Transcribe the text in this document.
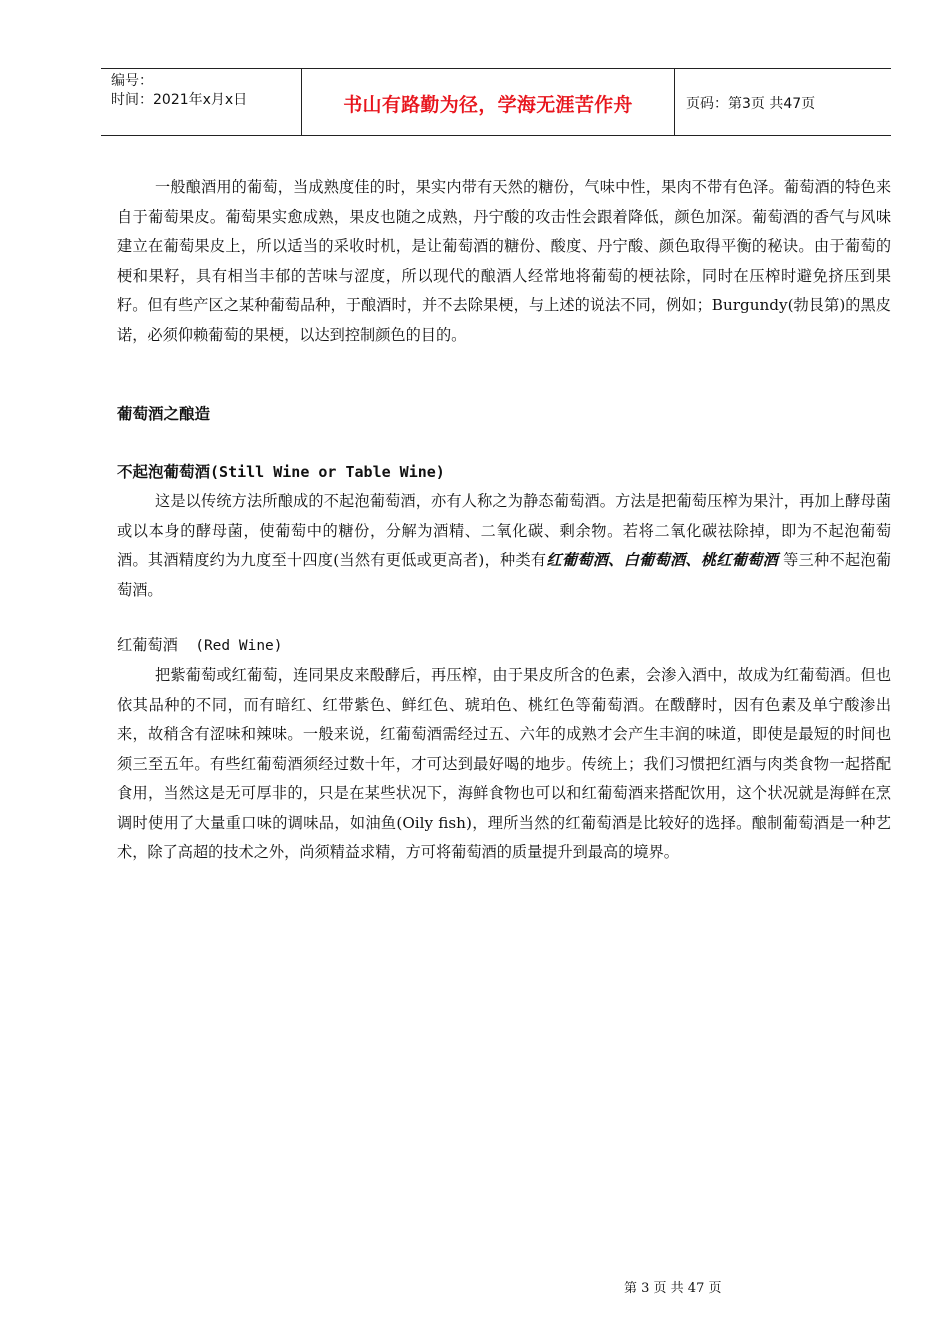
编号：
时间：2021年x月x日	书山有路勤为径，学海无涯苦作舟	页码：第3页 共47页

一般酿酒用的葡萄，当成熟度佳的时，果实内带有天然的糖份，气味中性，果肉不带有色泽。葡萄酒的特色来自于葡萄果皮。葡萄果实愈成熟，果皮也随之成熟，丹宁酸的攻击性会跟着降低，颜色加深。葡萄酒的香气与风味建立在葡萄果皮上，所以适当的采收时机，是让葡萄酒的糖份、酸度、丹宁酸、颜色取得平衡的秘诀。由于葡萄的梗和果籽，具有相当丰郁的苦味与涩度，所以现代的酿酒人经常地将葡萄的梗祛除，同时在压榨时避免挤压到果籽。但有些产区之某种葡萄品种，于酿酒时，并不去除果梗，与上述的说法不同，例如；Burgundy(勃艮第)的黑皮诺，必须仰赖葡萄的果梗，以达到控制颜色的目的。

葡萄酒之酿造
不起泡葡萄酒(Still Wine or Table Wine)

这是以传统方法所酿成的不起泡葡萄酒，亦有人称之为静态葡萄酒。方法是把葡萄压榨为果汁，再加上酵母菌或以本身的酵母菌，使葡萄中的糖份，分解为酒精、二氧化碳、剩余物。若将二氧化碳祛除掉，即为不起泡葡萄酒。其酒精度约为九度至十四度(当然有更低或更高者)，种类有红葡萄酒、白葡萄酒、桃红葡萄酒 等三种不起泡葡萄酒。

红葡萄酒  (Red Wine)

把紫葡萄或红葡萄，连同果皮来酘酵后，再压榨，由于果皮所含的色素，会渗入酒中，故成为红葡萄酒。但也依其品种的不同，而有暗红、红带紫色、鲜红色、琥珀色、桃红色等葡萄酒。在酦酵时，因有色素及单宁酸渗出来，故稍含有涩味和辣味。一般来说，红葡萄酒需经过五、六年的成熟才会产生丰润的味道，即使是最短的时间也须三至五年。有些红葡萄酒须经过数十年，才可达到最好喝的地步。传统上；我们习惯把红酒与肉类食物一起搭配食用，当然这是无可厚非的，只是在某些状况下，海鲜食物也可以和红葡萄酒来搭配饮用，这个状况就是海鲜在烹调时使用了大量重口味的调味品，如油鱼(Oily fish)，理所当然的红葡萄酒是比较好的选择。酿制葡萄酒是一种艺术，除了高超的技术之外，尚须精益求精，方可将葡萄酒的质量提升到最高的境界。

第 3 页 共 47 页
